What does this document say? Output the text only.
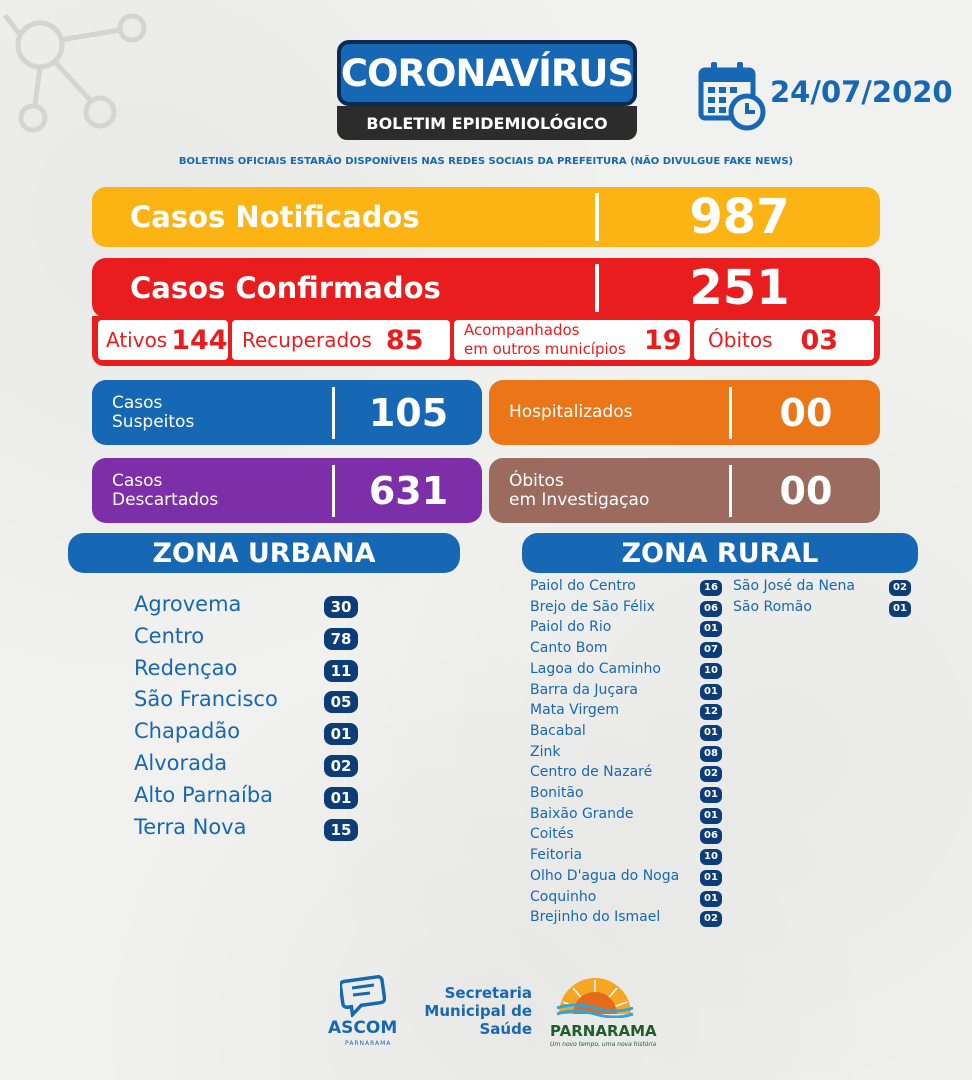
CORONAVÍRUS
BOLETIM EPIDEMIOLÓGICO
24/07/2020
BOLETINS OFICIAIS ESTARÃO DISPONÍVEIS NAS REDES SOCIAIS DA PREFEITURA (NÃO DIVULGUE FAKE NEWS)
Casos Notificados	987
Casos Confirmados	251
Ativos 144 Recuperados 85	Acompanhados
em outros municípios 19 Óbitos 03
Casos
Suspeitos	105
Casos
Descartados	631
Hospitalizados	00
Óbitos
em Investigaçao	00
ZONA URBANA	ZONA RURAL
Agrovema	30
Centro	78
Redençao	11
São Francisco	05
Chapadão	01
Alvorada	02
Alto Parnaíba	01
Terra Nova	15
Paiol do Centro	16
Brejo de São Félix	06
Paiol do Rio	01
Canto Bom	07
Lagoa do Caminho	10
Barra da Juçara	01
Mata Virgem	12
Bacabal	01
Zink	08
Centro de Nazaré	02
Bonitão	01
Baixão Grande	01
Coités	06
Feitoria	10
Olho D'agua do Noga	01
Coquinho	01
Brejinho do Ismael	02
São José da Nena	02
São Romão	01
ASCOM
PARNARAMA
Secretaria
Municipal de
Saúde PARNARAMA
Um novo tempo, uma nova história
